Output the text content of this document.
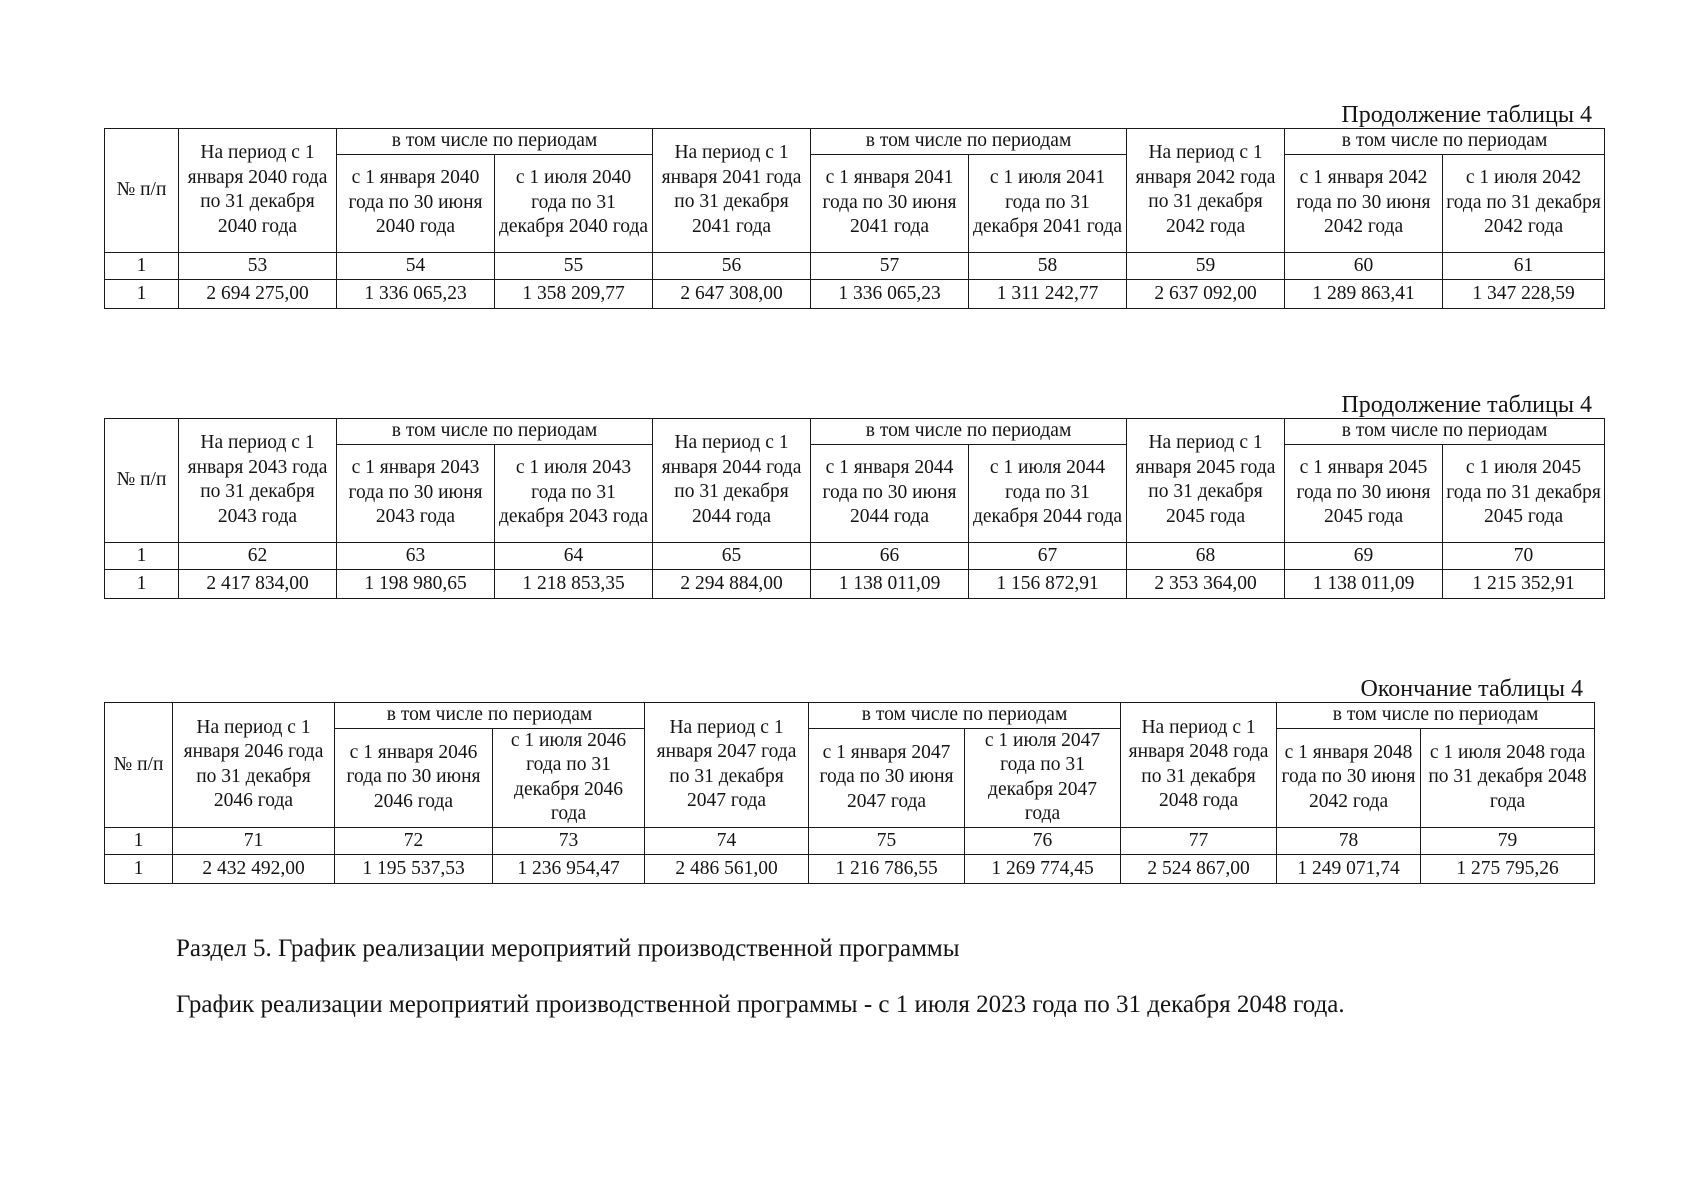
Продолжение таблицы 4
№ п/п	На период с 1 января 2040 года по 31 декабря 2040 года	в том числе по периодам		На период с 1 января 2041 года по 31 декабря 2041 года	в том числе по периодам		На период с 1 января 2042 года по 31 декабря 2042 года	в том числе по периодам	
		с 1 января 2040 года по 30 июня 2040 года	с 1 июля 2040 года по 31 декабря 2040 года		с 1 января 2041 года по 30 июня 2041 года	с 1 июля 2041 года по 31 декабря 2041 года		с 1 января 2042 года по 30 июня 2042 года	с 1 июля 2042 года по 31 декабря 2042 года
1	53	54	55	56	57	58	59	60	61
1	2 694 275,00	1 336 065,23	1 358 209,77	2 647 308,00	1 336 065,23	1 311 242,77	2 637 092,00	1 289 863,41	1 347 228,59
Продолжение таблицы 4
№ п/п	На период с 1 января 2043 года по 31 декабря 2043 года	в том числе по периодам		На период с 1 января 2044 года по 31 декабря 2044 года	в том числе по периодам		На период с 1 января 2045 года по 31 декабря 2045 года	в том числе по периодам	
		с 1 января 2043 года по 30 июня 2043 года	с 1 июля 2043 года по 31 декабря 2043 года		с 1 января 2044 года по 30 июня 2044 года	с 1 июля 2044 года по 31 декабря 2044 года		с 1 января 2045 года по 30 июня 2045 года	с 1 июля 2045 года по 31 декабря 2045 года
1	62	63	64	65	66	67	68	69	70
1	2 417 834,00	1 198 980,65	1 218 853,35	2 294 884,00	1 138 011,09	1 156 872,91	2 353 364,00	1 138 011,09	1 215 352,91
Окончание таблицы 4
№ п/п	На период с 1 января 2046 года по 31 декабря 2046 года	в том числе по периодам		На период с 1 января 2047 года по 31 декабря 2047 года	в том числе по периодам		На период с 1 января 2048 года по 31 декабря 2048 года	в том числе по периодам	
		с 1 января 2046 года по 30 июня 2046 года	с 1 июля 2046 года по 31 декабря 2046 года		с 1 января 2047 года по 30 июня 2047 года	с 1 июля 2047 года по 31 декабря 2047 года		с 1 января 2048 года по 30 июня 2042 года	с 1 июля 2048 года по 31 декабря 2048 года
1	71	72	73	74	75	76	77	78	79
1	2 432 492,00	1 195 537,53	1 236 954,47	2 486 561,00	1 216 786,55	1 269 774,45	2 524 867,00	1 249 071,74	1 275 795,26
Раздел 5. График реализации мероприятий производственной программы
График реализации мероприятий производственной программы - с 1 июля 2023 года по 31 декабря 2048 года.
